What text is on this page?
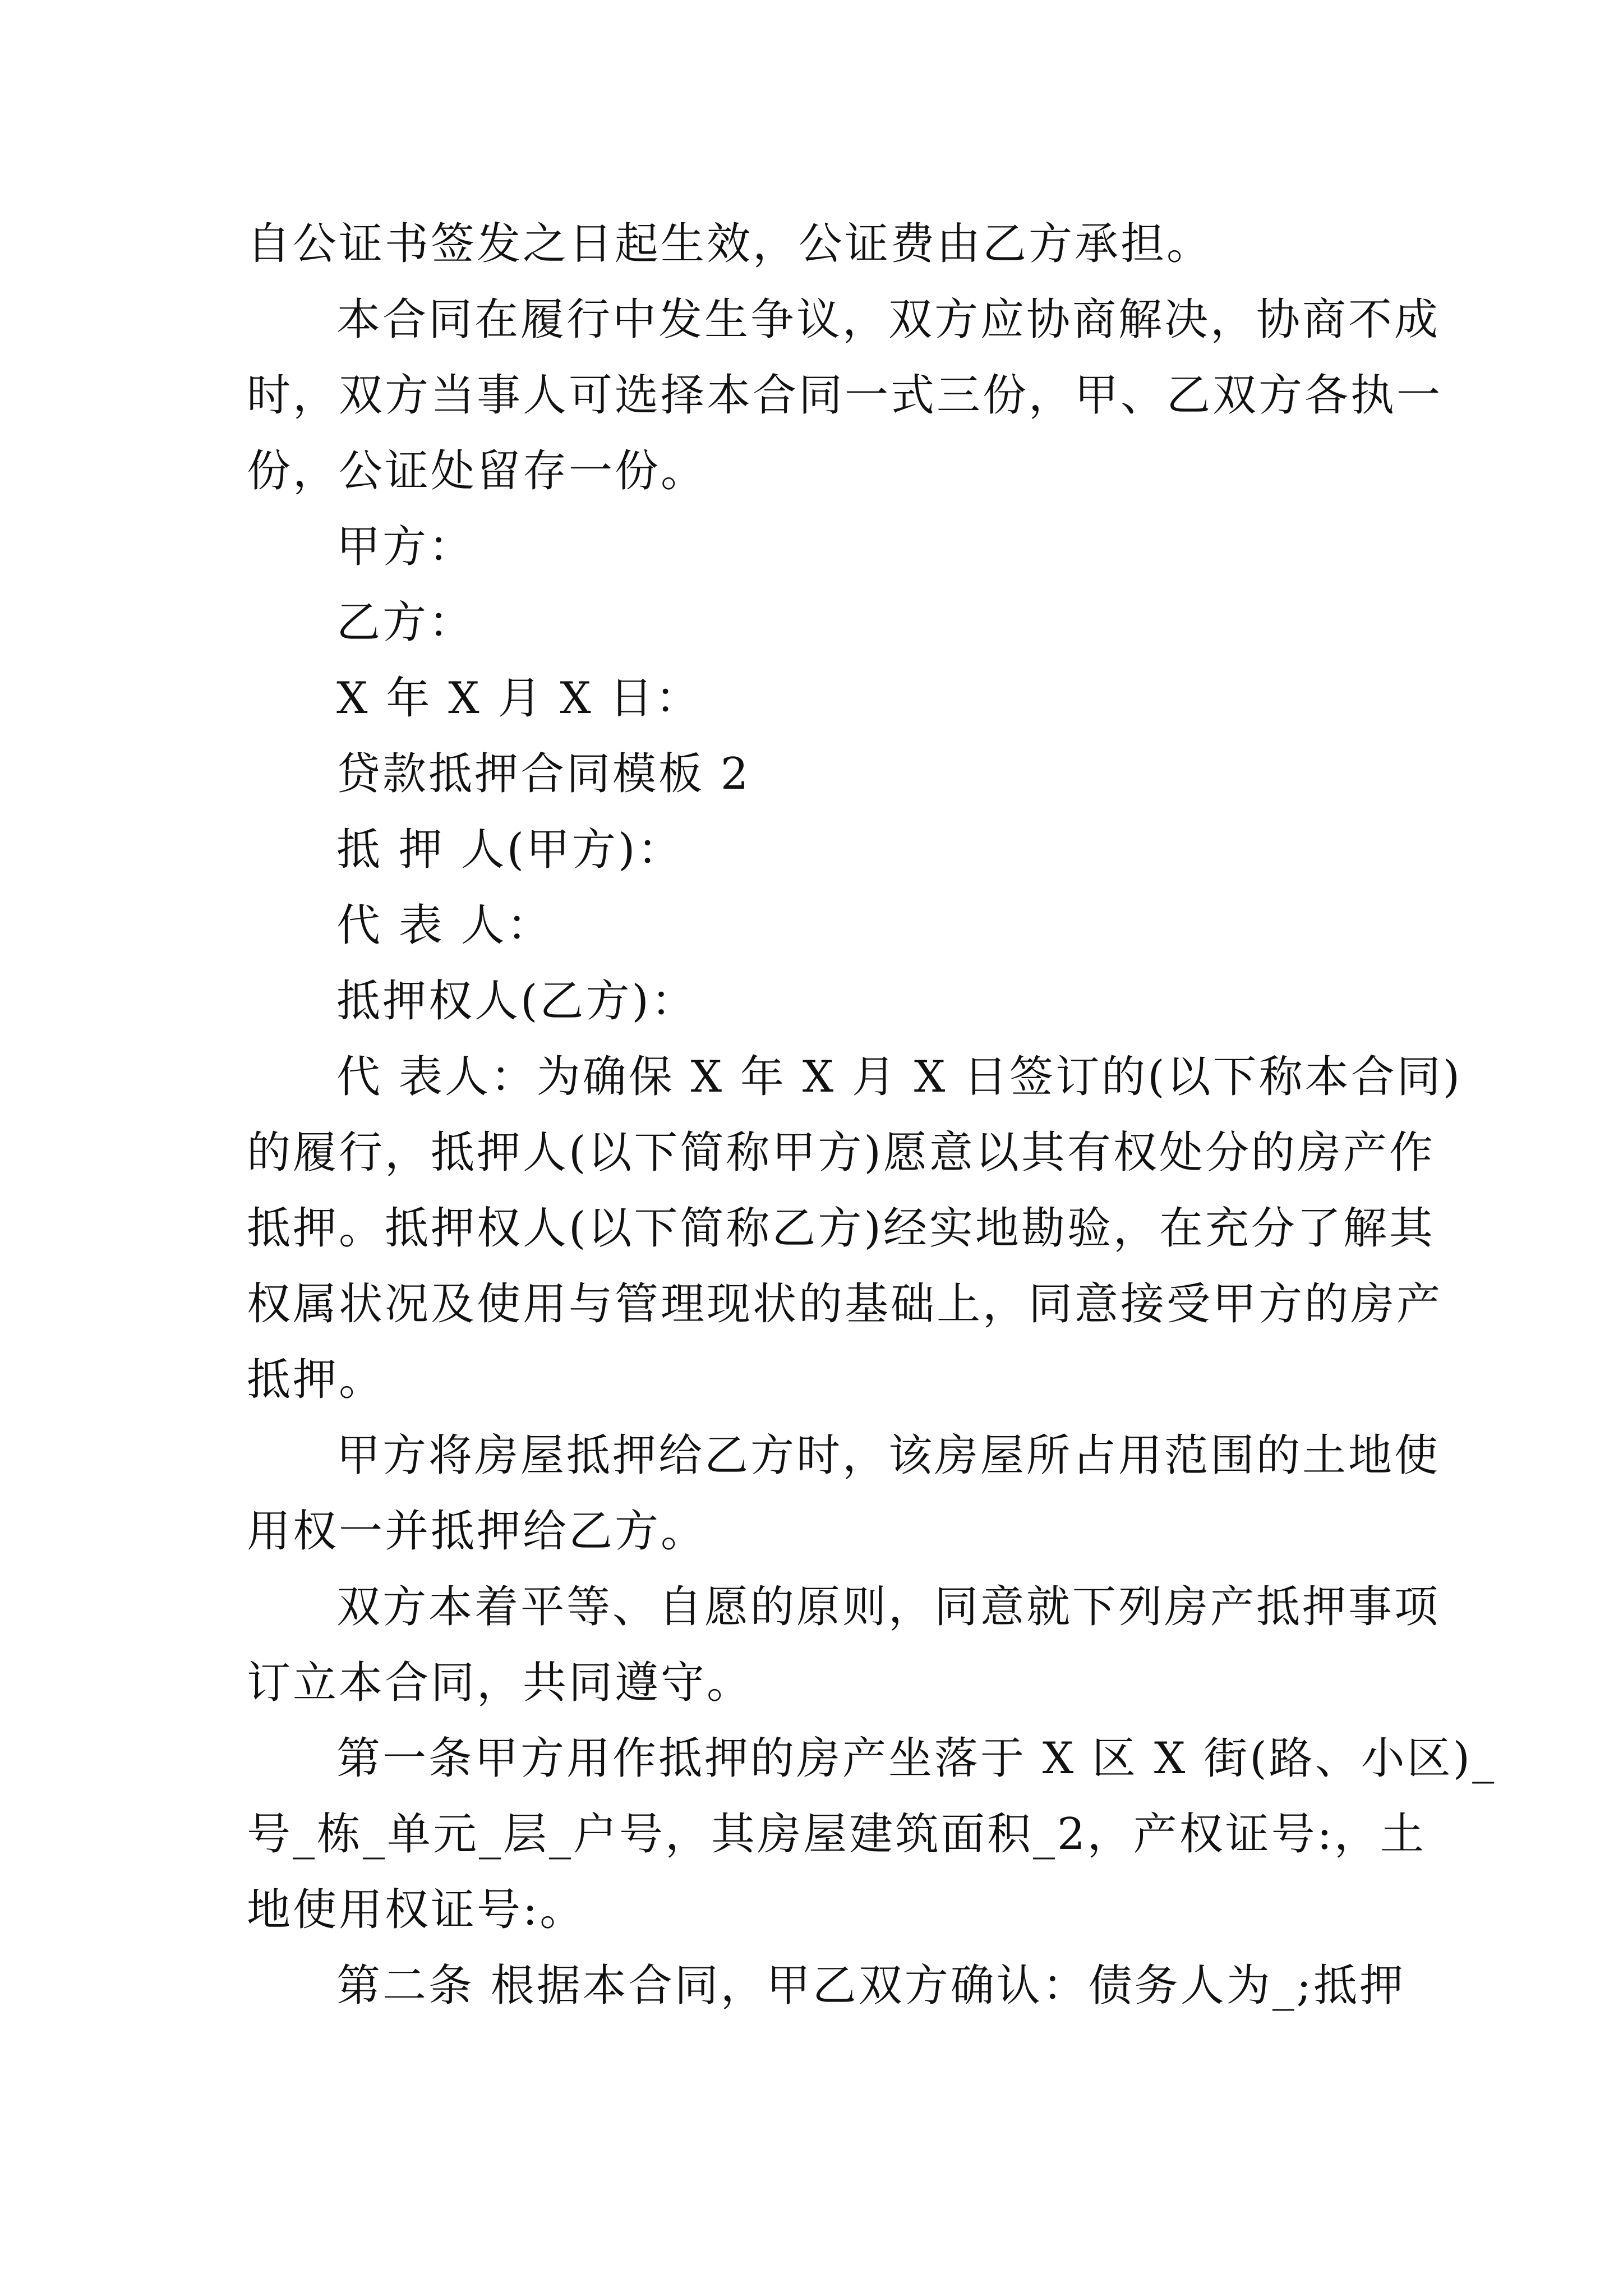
自公证书签发之日起生效，公证费由乙方承担。
本合同在履行中发生争议，双方应协商解决，协商不成
时，双方当事人可选择本合同一式三份，甲、乙双方各执一
份，公证处留存一份。
甲方：
乙方：
X 年 X 月 X 日：
贷款抵押合同模板 2
抵 押 人(甲方)：
代 表 人：
抵押权人(乙方)：
代 表人：为确保 X 年 X 月 X 日签订的(以下称本合同)
的履行，抵押人(以下简称甲方)愿意以其有权处分的房产作
抵押。抵押权人(以下简称乙方)经实地勘验，在充分了解其
权属状况及使用与管理现状的基础上，同意接受甲方的房产
抵押。
甲方将房屋抵押给乙方时，该房屋所占用范围的土地使
用权一并抵押给乙方。
双方本着平等、自愿的原则，同意就下列房产抵押事项
订立本合同，共同遵守。
第一条甲方用作抵押的房产坐落于 X 区 X 街(路、小区)_
号_栋_单元_层_户号，其房屋建筑面积_2，产权证号:，土
地使用权证号:。
第二条 根据本合同，甲乙双方确认：债务人为_;抵押
